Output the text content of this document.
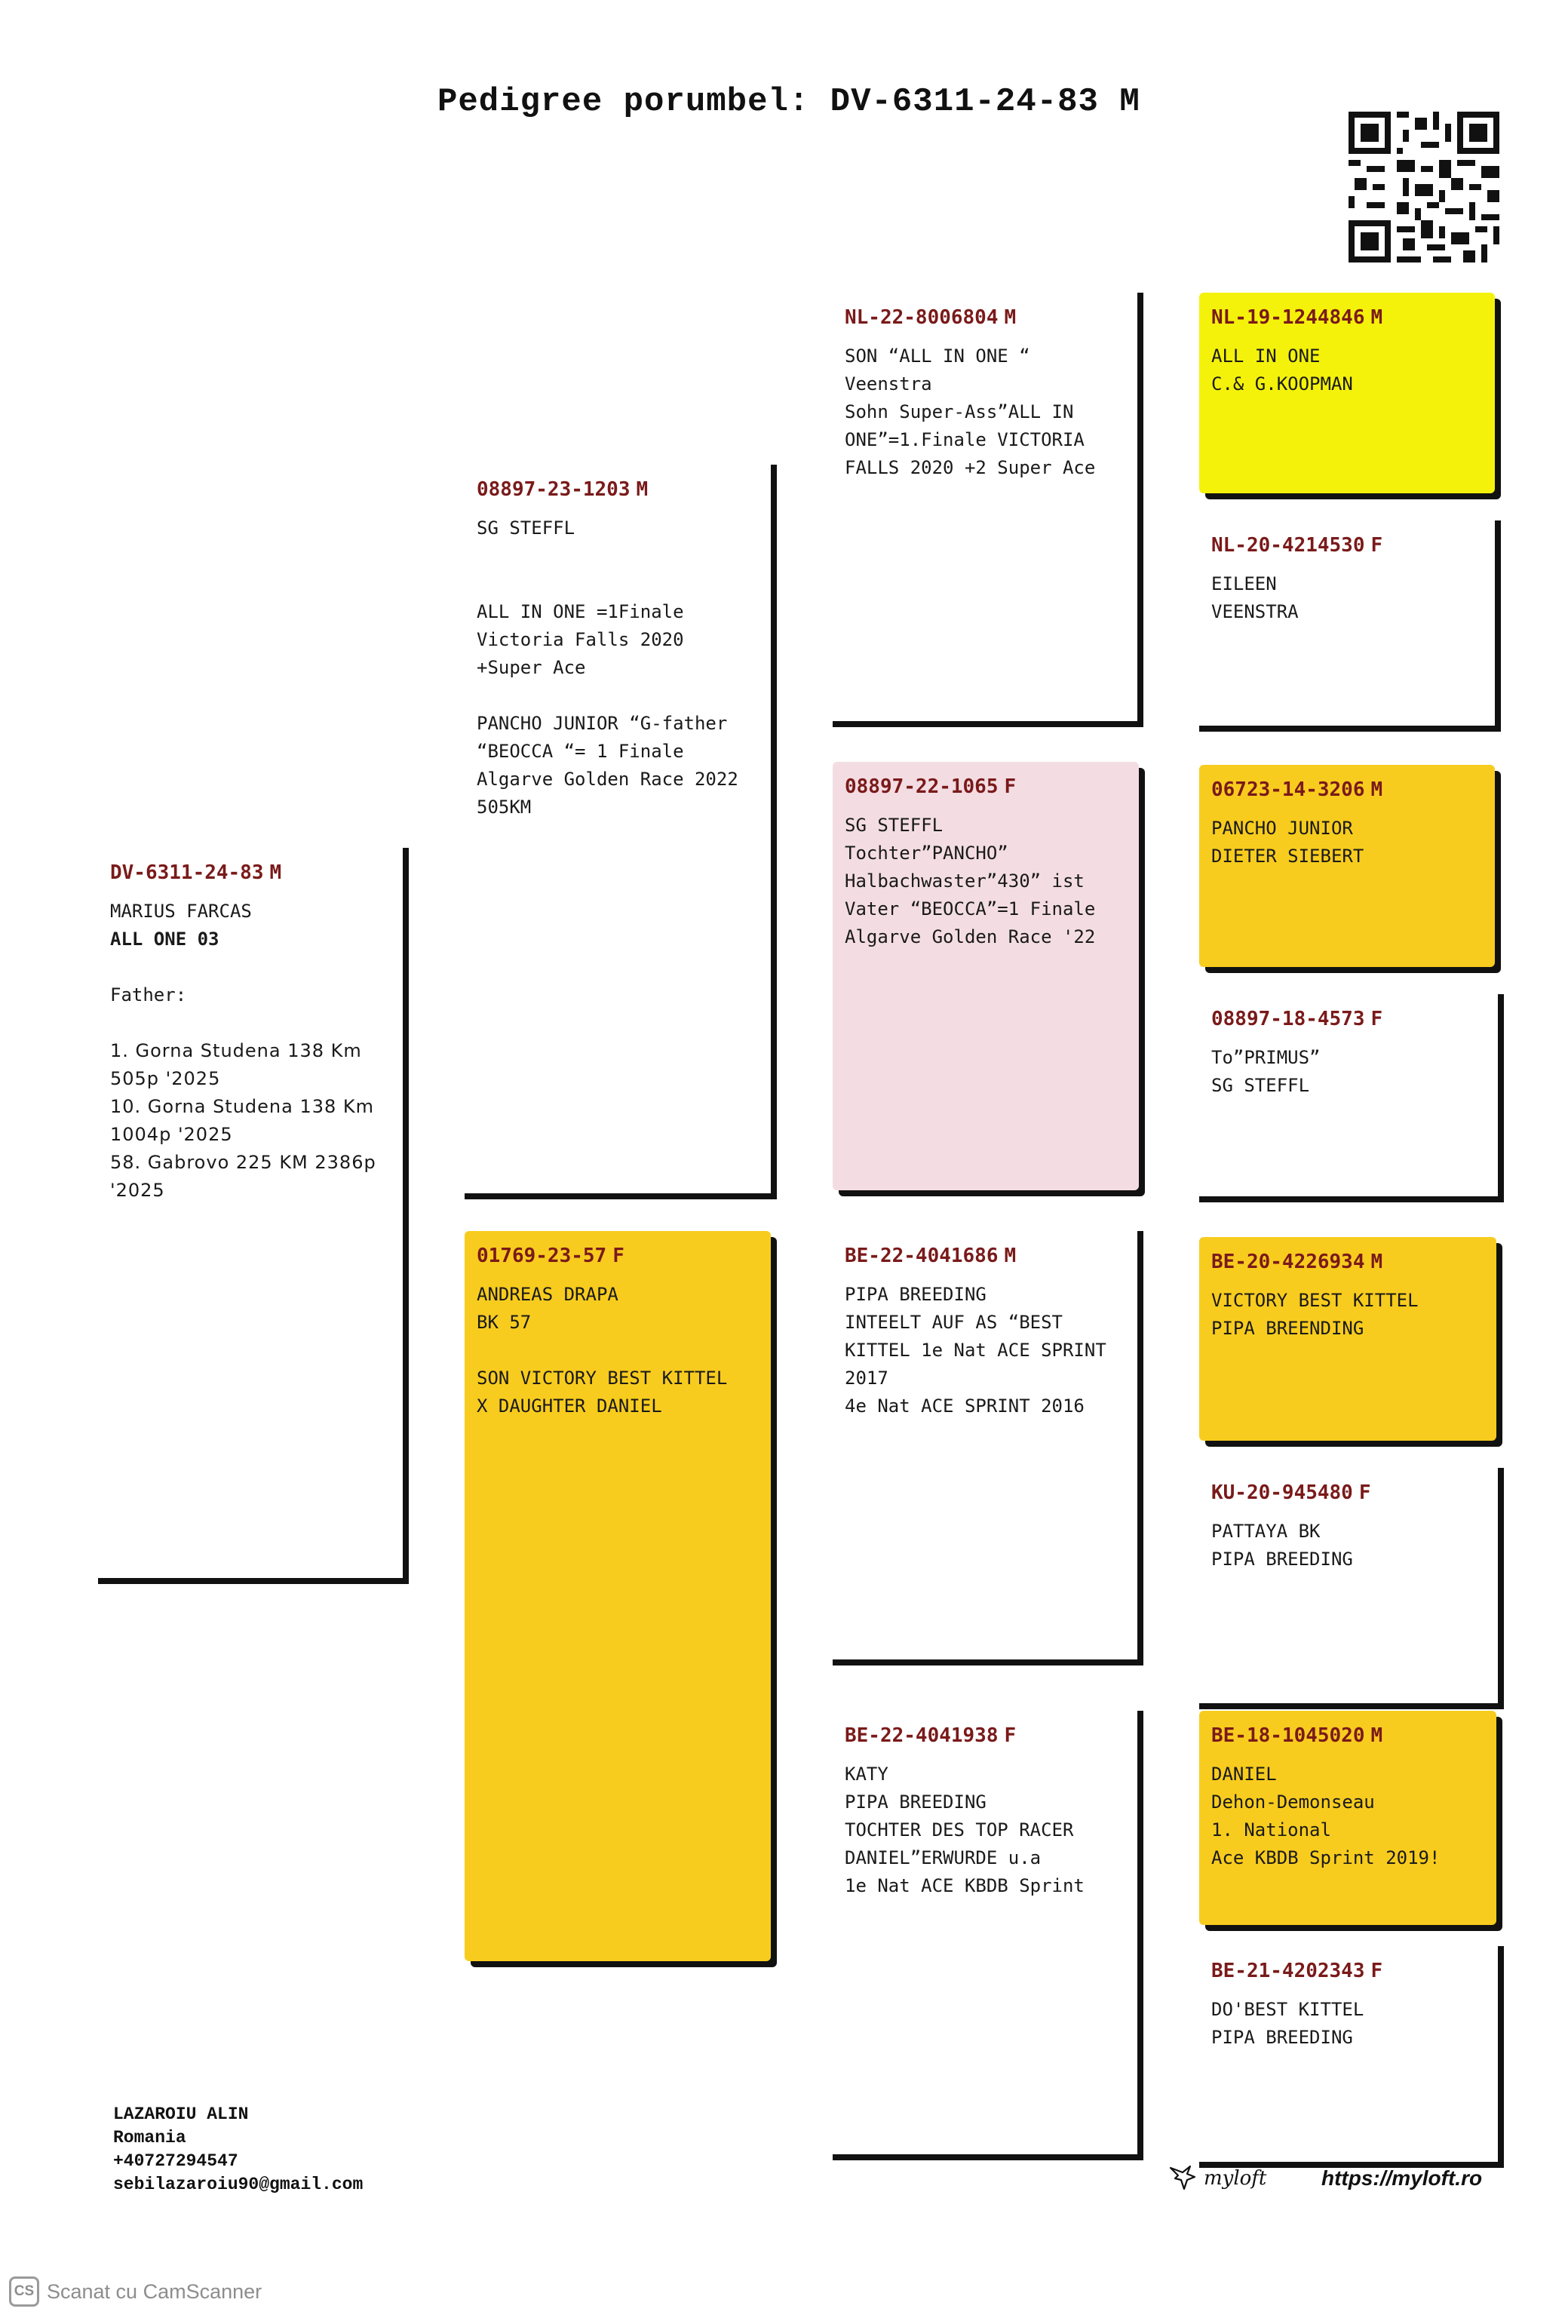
Pedigree porumbel: DV-6311-24-83 M
DV-6311-24-83 M
MARIUS FARCAS
ALL ONE 03
Father:
1. Gorna Studena 138 Km
505p '2025
10. Gorna Studena 138 Km
1004p '2025
58. Gabrovo 225 KM 2386p
'2025
08897-23-1203 M
SG STEFFL
ALL IN ONE =1Finale
Victoria Falls 2020
+Super Ace
PANCHO JUNIOR “G-father
“BEOCCA “= 1 Finale
Algarve Golden Race 2022
505KM
01769-23-57 F
ANDREAS DRAPA
BK 57
SON VICTORY BEST KITTEL
X DAUGHTER DANIEL
NL-22-8006804 M
SON “ALL IN ONE “
Veenstra
Sohn Super-Ass”ALL IN
ONE”=1.Finale VICTORIA
FALLS 2020 +2 Super Ace
08897-22-1065 F
SG STEFFL
Tochter”PANCHO”
Halbachwaster”430” ist
Vater “BEOCCA”=1 Finale
Algarve Golden Race '22
BE-22-4041686 M
PIPA BREEDING
INTEELT AUF AS “BEST
KITTEL 1e Nat ACE SPRINT
2017
4e Nat ACE SPRINT 2016
BE-22-4041938 F
KATY
PIPA BREEDING
TOCHTER DES TOP RACER
DANIEL”ERWURDE u.a
1e Nat ACE KBDB Sprint
NL-19-1244846 M
ALL IN ONE
C.& G.KOOPMAN
NL-20-4214530 F
EILEEN
VEENSTRA
06723-14-3206 M
PANCHO JUNIOR
DIETER SIEBERT
08897-18-4573 F
To”PRIMUS”
SG STEFFL
BE-20-4226934 M
VICTORY BEST KITTEL
PIPA BREENDING
KU-20-945480 F
PATTAYA BK
PIPA BREEDING
BE-18-1045020 M
DANIEL
Dehon-Demonseau
1. National
Ace KBDB Sprint 2019!
BE-21-4202343 F
DO'BEST KITTEL
PIPA BREEDING
LAZAROIU ALIN
Romania
+40727294547
sebilazaroiu90@gmail.com	myloft	https://myloft.ro
CS Scanat cu CamScanner
